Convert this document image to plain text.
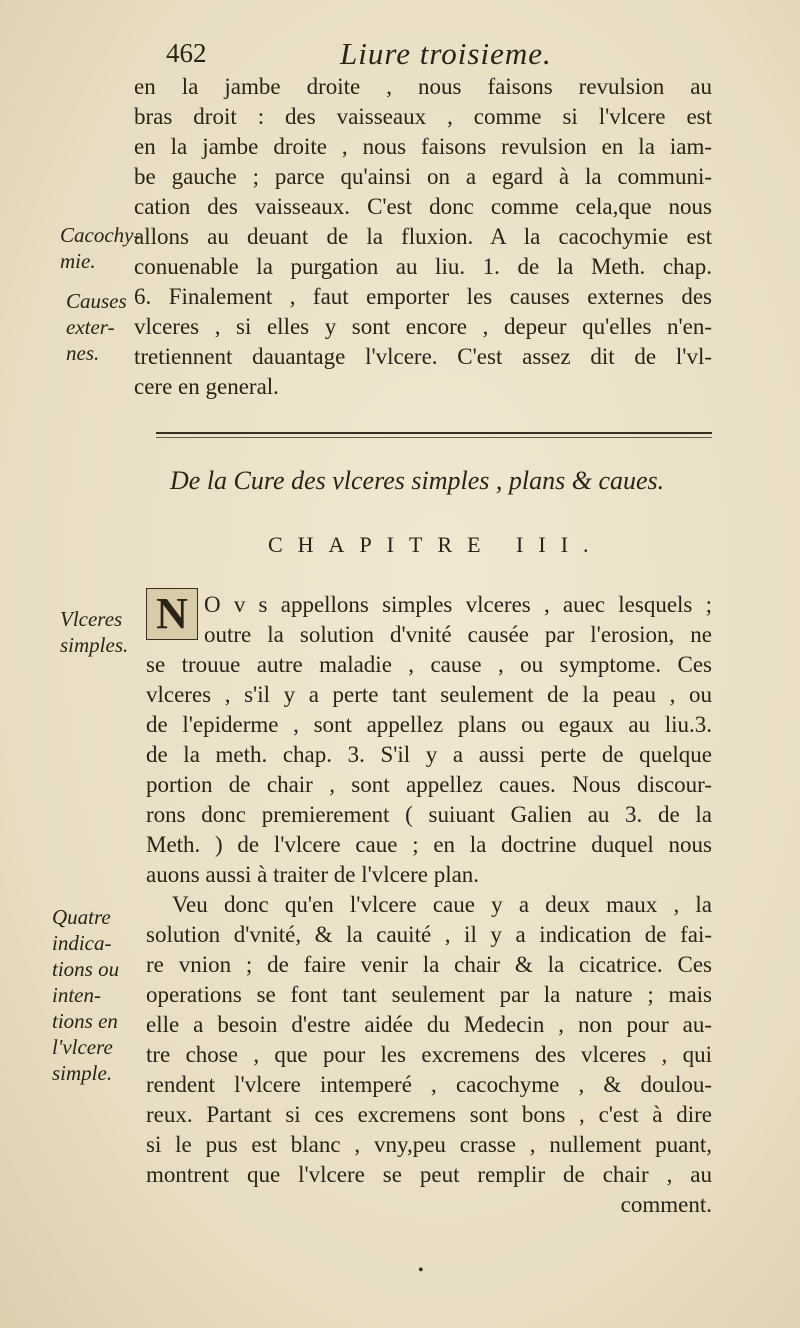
462	Liure troisieme.
en la jambe droite , nous faisons revulsion au
bras droit : des vaisseaux , comme si l'vlcere est
en la jambe droite , nous faisons revulsion en la iam-
be gauche ; parce qu'ainsi on a egard à la communi-
cation des vaisseaux. C'est donc comme cela,que nous
allons au deuant de la fluxion. A la cacochymie est
conuenable la purgation au liu. 1. de la Meth. chap.
6. Finalement , faut emporter les causes externes des
vlceres , si elles y sont encore , depeur qu'elles n'en-
tretiennent dauantage l'vlcere. C'est assez dit de l'vl-
cere en general.
Cacochy-
mie.
Causes
exter-
nes.
De la Cure des vlceres simples , plans & caues.
CHAPITRE III.
N O v s appellons simples vlceres , auec lesquels ;
outre la solution d'vnité causée par l'erosion, ne
se trouue autre maladie , cause , ou symptome. Ces
vlceres , s'il y a perte tant seulement de la peau , ou
de l'epiderme , sont appellez plans ou egaux au liu.3.
de la meth. chap. 3. S'il y a aussi perte de quelque
portion de chair , sont appellez caues. Nous discour-
rons donc premierement ( suiuant Galien au 3. de la
Meth. ) de l'vlcere caue ; en la doctrine duquel nous
auons aussi à traiter de l'vlcere plan.
Vlceres
simples.
Veu donc qu'en l'vlcere caue y a deux maux , la
solution d'vnité, & la cauité , il y a indication de fai-
re vnion ; de faire venir la chair & la cicatrice. Ces
operations se font tant seulement par la nature ; mais
elle a besoin d'estre aidée du Medecin , non pour au-
tre chose , que pour les excremens des vlceres , qui
rendent l'vlcere intemperé , cacochyme , & doulou-
reux. Partant si ces excremens sont bons , c'est à dire
si le pus est blanc , vny,peu crasse , nullement puant,
montrent que l'vlcere se peut remplir de chair , au
comment.
Quatre
indica-
tions ou
inten-
tions en
l'vlcere
simple.
•
